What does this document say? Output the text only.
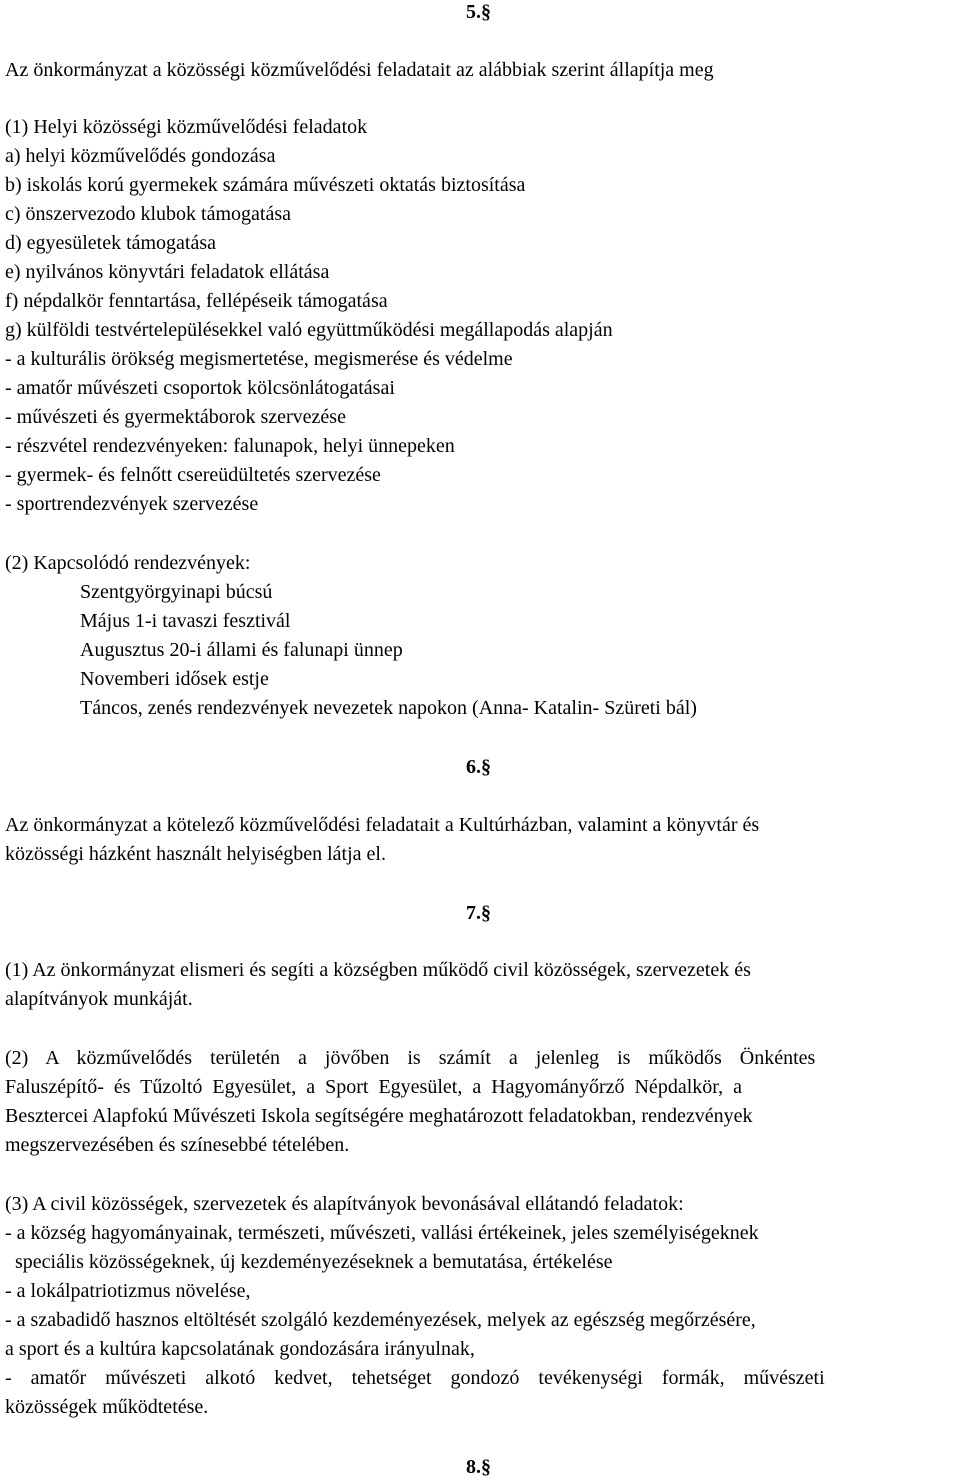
5.§
Az önkormányzat a közösségi közművelődési feladatait az alábbiak szerint állapítja meg
(1) Helyi közösségi közművelődési feladatok
a) helyi közművelődés gondozása
b) iskolás korú gyermekek számára művészeti oktatás biztosítása
c) önszervezodo klubok támogatása
d) egyesületek támogatása
e) nyilvános könyvtári feladatok ellátása
f) népdalkör fenntartása, fellépéseik támogatása
g) külföldi testvértelepülésekkel való együttműködési megállapodás alapján
- a kulturális örökség megismertetése, megismerése és védelme
- amatőr művészeti csoportok kölcsönlátogatásai
- művészeti és gyermektáborok szervezése
- részvétel rendezvényeken: falunapok, helyi ünnepeken
- gyermek- és felnőtt csereüdültetés szervezése
- sportrendezvények szervezése
(2) Kapcsolódó rendezvények:
Szentgyörgyinapi búcsú
Május 1-i tavaszi fesztivál
Augusztus 20-i állami és falunapi ünnep
Novemberi idősek estje
Táncos, zenés rendezvények nevezetek napokon (Anna- Katalin- Szüreti bál)
6.§
Az önkormányzat a kötelező közművelődési feladatait a Kultúrházban, valamint a könyvtár és
közösségi házként használt helyiségben látja el.
7.§
(1) Az önkormányzat elismeri és segíti a községben működő civil közösségek, szervezetek és
alapítványok munkáját.
(2) A közművelődés területén a jövőben is számít a jelenleg is működős Önkéntes
Faluszépítő- és Tűzoltó Egyesület, a Sport Egyesület, a Hagyományőrző Népdalkör, a
Besztercei Alapfokú Művészeti Iskola segítségére meghatározott feladatokban, rendezvények
megszervezésében és színesebbé tételében.
(3) A civil közösségek, szervezetek és alapítványok bevonásával ellátandó feladatok:
- a község hagyományainak, természeti, művészeti, vallási értékeinek, jeles személyiségeknek
speciális közösségeknek, új kezdeményezéseknek a bemutatása, értékelése
- a lokálpatriotizmus növelése,
- a szabadidő hasznos eltöltését szolgáló kezdeményezések, melyek az egészség megőrzésére,
a sport és a kultúra kapcsolatának gondozására irányulnak,
- amatőr művészeti alkotó kedvet, tehetséget gondozó tevékenységi formák, művészeti
közösségek működtetése.
8.§
